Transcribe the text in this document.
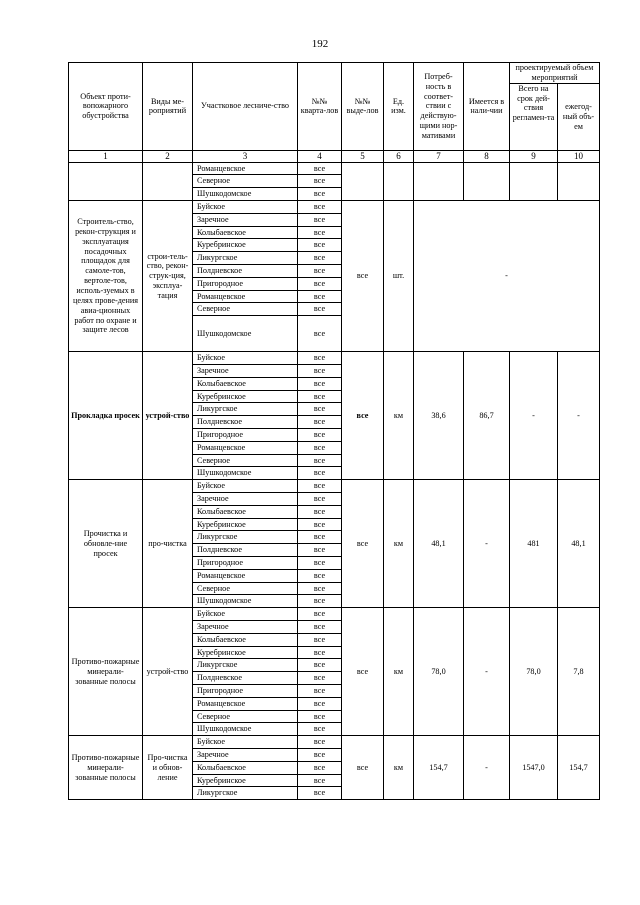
192
Объект проти-вопожарного обустройства	Виды ме-роприятий	Участковое лесниче-ство	№№ кварта-лов	№№ выде-лов	Ед. изм.	Потреб-ность в соответ-ствии с действую-щими нор-мативами	Имеется в нали-чии	проектируемый объем мероприятий	
								Всего на срок дей-ствия регламен-та	ежегод-ный объ-ем
1	2	3	4	5	6	7	8	9	10
		Романцевское	все						
		Северное	все						
		Шушкодомское	все						
Строитель-ство, рекон-струкция и эксплуатация посадочных площадок для самоле-тов, вертоле-тов, исполь-зуемых в целях прове-дения авиа-ционных работ по охране и защите лесов	строи-тель-ство, рекон-струк-ция, эксплуа-тация	Буйское	все	все	шт.	-			
		Заречное	все						
		Колыбаевское	все						
		Куребринское	все						
		Ликургское	все						
		Полдневское	все						
		Пригородное	все						
		Романцевское	все						
		Северное	все						
		Шушкодомское	все						
Прокладка просек	устрой-ство	Буйское	все	все	км	38,6	86,7	-	-
		Заречное	все						
		Колыбаевское	все						
		Куребринское	все						
		Ликургское	все						
		Полдневское	все						
		Пригородное	все						
		Романцевское	все						
		Северное	все						
		Шушкодомское	все						
Прочистка и обновле-ние просек	про-чистка	Буйское	все	все	км	48,1	-	481	48,1
		Заречное	все						
		Колыбаевское	все						
		Куребринское	все						
		Ликургское	все						
		Полдневское	все						
		Пригородное	все						
		Романцевское	все						
		Северное	все						
		Шушкодомское	все						
Противо-пожарные минерали-зованные полосы	устрой-ство	Буйское	все	все	км	78,0	-	78,0	7,8
		Заречное	все						
		Колыбаевское	все						
		Куребринское	все						
		Ликургское	все						
		Полдневское	все						
		Пригородное	все						
		Романцевское	все						
		Северное	все						
		Шушкодомское	все						
Противо-пожарные минерали-зованные полосы	Про-чистка и обнов-ление	Буйское	все	все	км	154,7	-	1547,0	154,7
		Заречное	все						
		Колыбаевское	все						
		Куребринское	все						
		Ликургское	все						
